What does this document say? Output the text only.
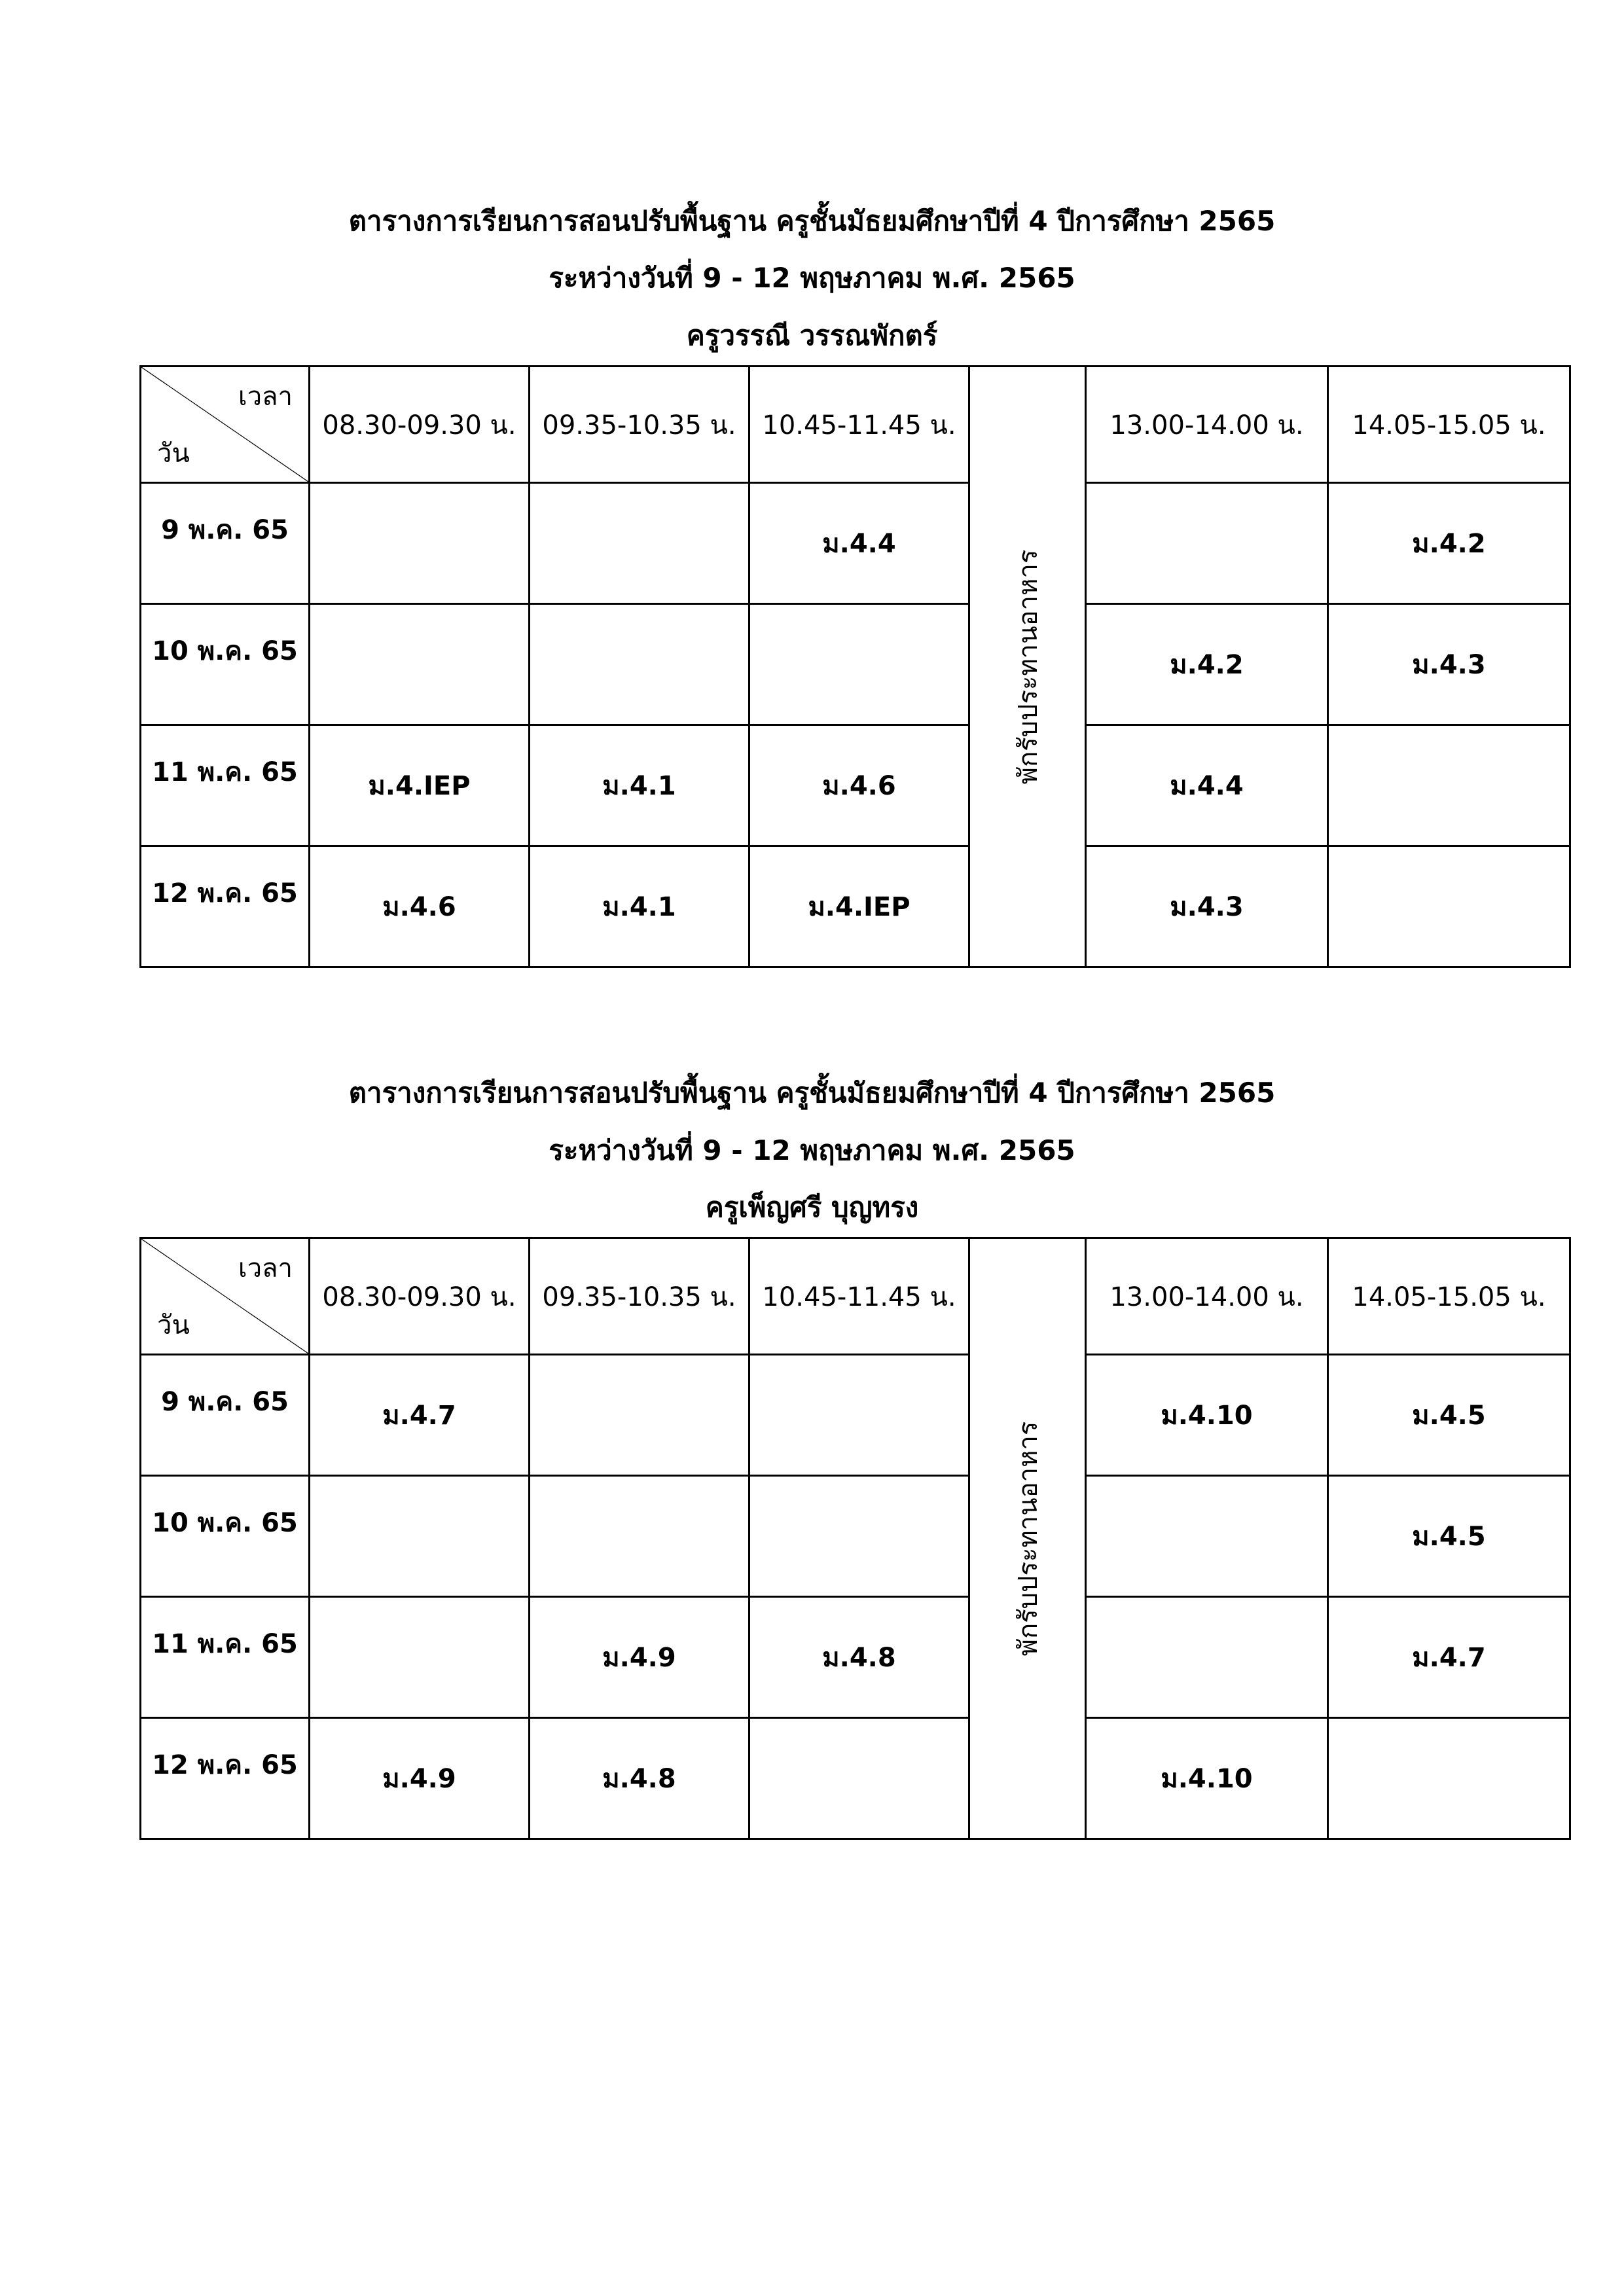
ตารางการเรียนการสอนปรับพื้นฐาน ครูชั้นมัธยมศึกษาปีที่ 4 ปีการศึกษา 2565
ระหว่างวันที่ 9 - 12 พฤษภาคม พ.ศ. 2565
ครูวรรณี วรรณพักตร์
เวลา
วัน	08.30-09.30 น.	09.35-10.35 น.	10.45-11.45 น.	พักรับประทานอาหาร	13.00-14.00 น.	14.05-15.05 น.
9 พ.ค. 65			ม.4.4			ม.4.2
10 พ.ค. 65					ม.4.2	ม.4.3
11 พ.ค. 65	ม.4.IEP	ม.4.1	ม.4.6		ม.4.4	
12 พ.ค. 65	ม.4.6	ม.4.1	ม.4.IEP		ม.4.3	
ตารางการเรียนการสอนปรับพื้นฐาน ครูชั้นมัธยมศึกษาปีที่ 4 ปีการศึกษา 2565
ระหว่างวันที่ 9 - 12 พฤษภาคม พ.ศ. 2565
ครูเพ็ญศรี บุญทรง
เวลา
วัน	08.30-09.30 น.	09.35-10.35 น.	10.45-11.45 น.	พักรับประทานอาหาร	13.00-14.00 น.	14.05-15.05 น.
9 พ.ค. 65	ม.4.7				ม.4.10	ม.4.5
10 พ.ค. 65						ม.4.5
11 พ.ค. 65		ม.4.9	ม.4.8			ม.4.7
12 พ.ค. 65	ม.4.9	ม.4.8			ม.4.10	
